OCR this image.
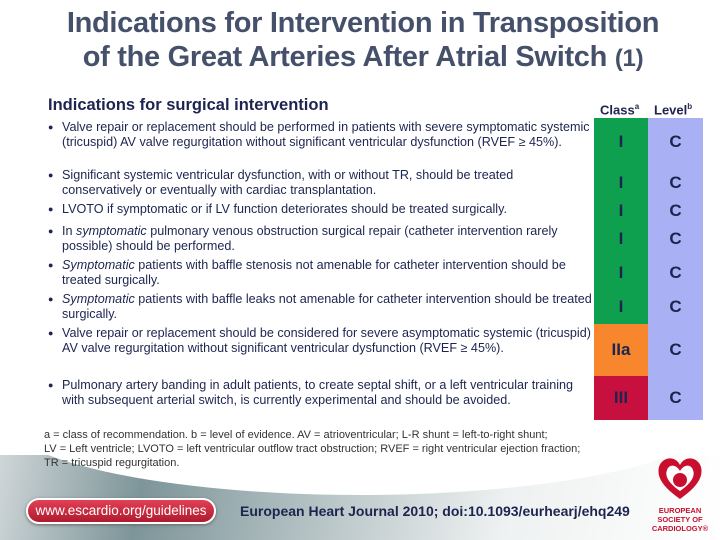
Indications for Intervention in Transposition
of the Great Arteries After Atrial Switch (1)
Indications for surgical intervention	Class$^a$ Level$^b$
● Valve repair or replacement should be performed in patients with severe symptomatic systemic (tricuspid) AV valve regurgitation without significant ventricular dysfunction (RVEF ≥ 45%).	I	C
● Significant systemic ventricular dysfunction, with or without TR, should be treated conservatively or eventually with cardiac transplantation.	I	C
● LVOTO if symptomatic or if LV function deteriorates should be treated surgically.	I	C
● In symptomatic pulmonary venous obstruction surgical repair (catheter intervention rarely possible) should be performed.	I	C
● Symptomatic patients with baffle stenosis not amenable for catheter intervention should be treated surgically.	I	C
● Symptomatic patients with baffle leaks not amenable for catheter intervention should be treated surgically.	I	C
● Valve repair or replacement should be considered for severe asymptomatic systemic (tricuspid) AV valve regurgitation without significant ventricular dysfunction (RVEF ≥ 45%).	IIa	C
● Pulmonary artery banding in adult patients, to create septal shift, or a left ventricular training with subsequent arterial switch, is currently experimental and should be avoided.	III	C
a = class of recommendation. b = level of evidence. AV = atrioventricular; L-R shunt = left-to-right shunt;
LV = Left ventricle; LVOTO = left ventricular outflow tract obstruction; RVEF = right ventricular ejection fraction;
TR = tricuspid regurgitation.
www.escardio.org/guidelines	European Heart Journal 2010; doi:10.1093/eurhearj/ehq249	EUROPEAN
SOCIETY OF
CARDIOLOGY®
